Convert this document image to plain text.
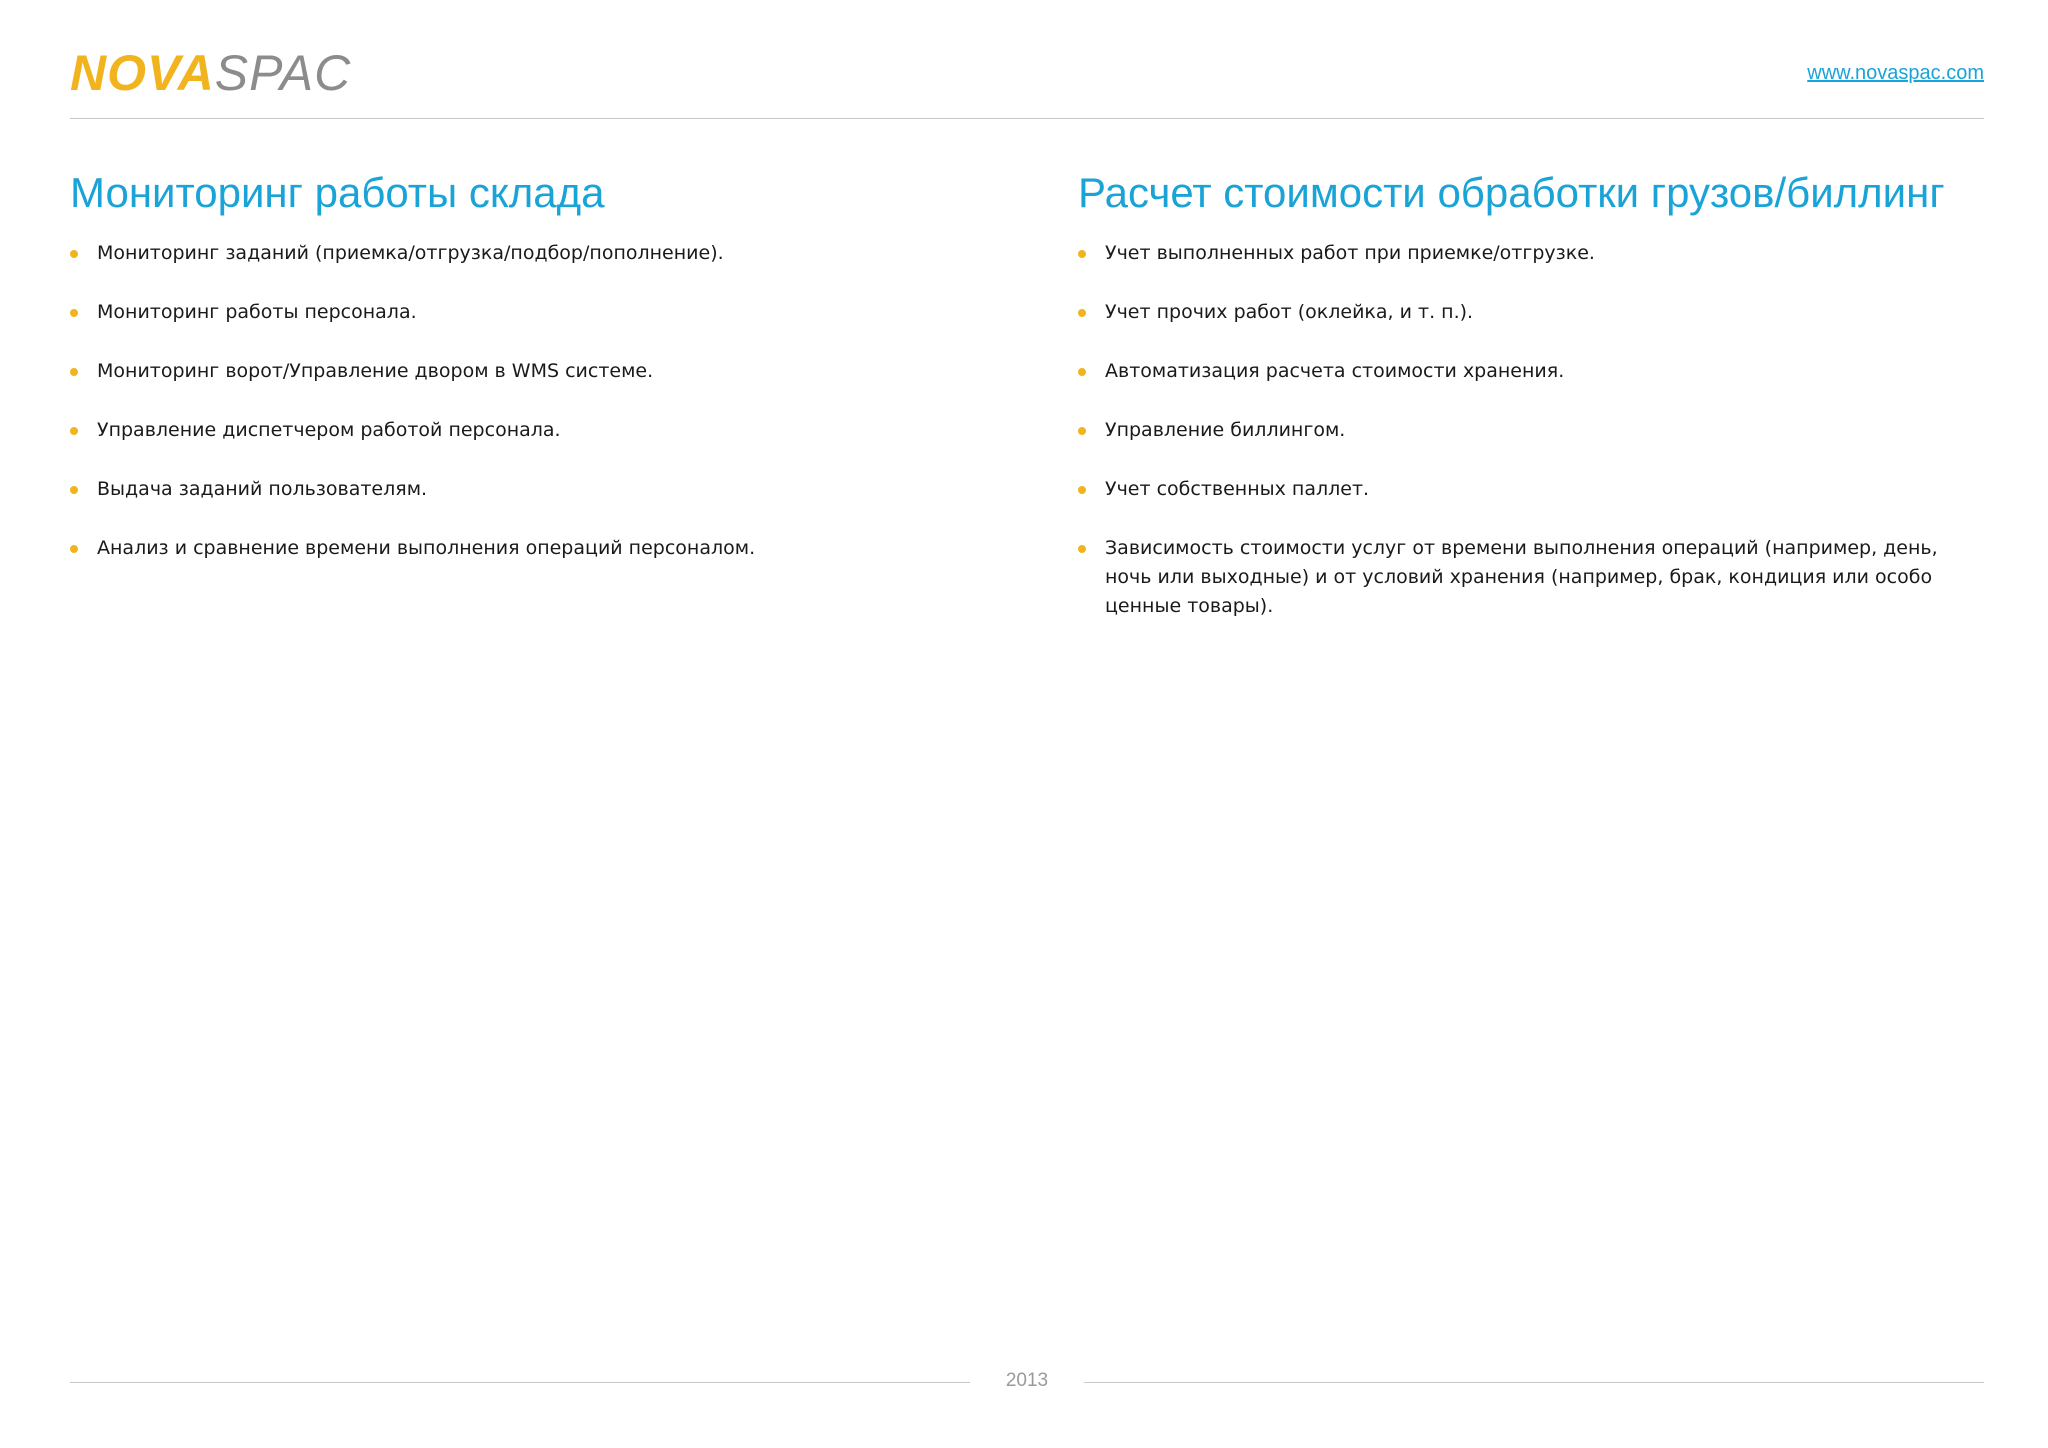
NOVASPAC	www.novaspac.com
Мониторинг работы склада
Мониторинг заданий (приемка/отгрузка/подбор/пополнение).
Мониторинг работы персонала.
Мониторинг ворот/Управление двором в WMS системе.
Управление диспетчером работой персонала.
Выдача заданий пользователям.
Анализ и сравнение времени выполнения операций персоналом.
Расчет стоимости обработки грузов/биллинг
Учет выполненных работ при приемке/отгрузке.
Учет прочих работ (оклейка, и т. п.).
Автоматизация расчета стоимости хранения.
Управление биллингом.
Учет собственных паллет.
Зависимость стоимости услуг от времени выполнения операций (например, день, ночь или выходные) и от условий хранения (например, брак, кондиция или особо ценные товары).
2013
